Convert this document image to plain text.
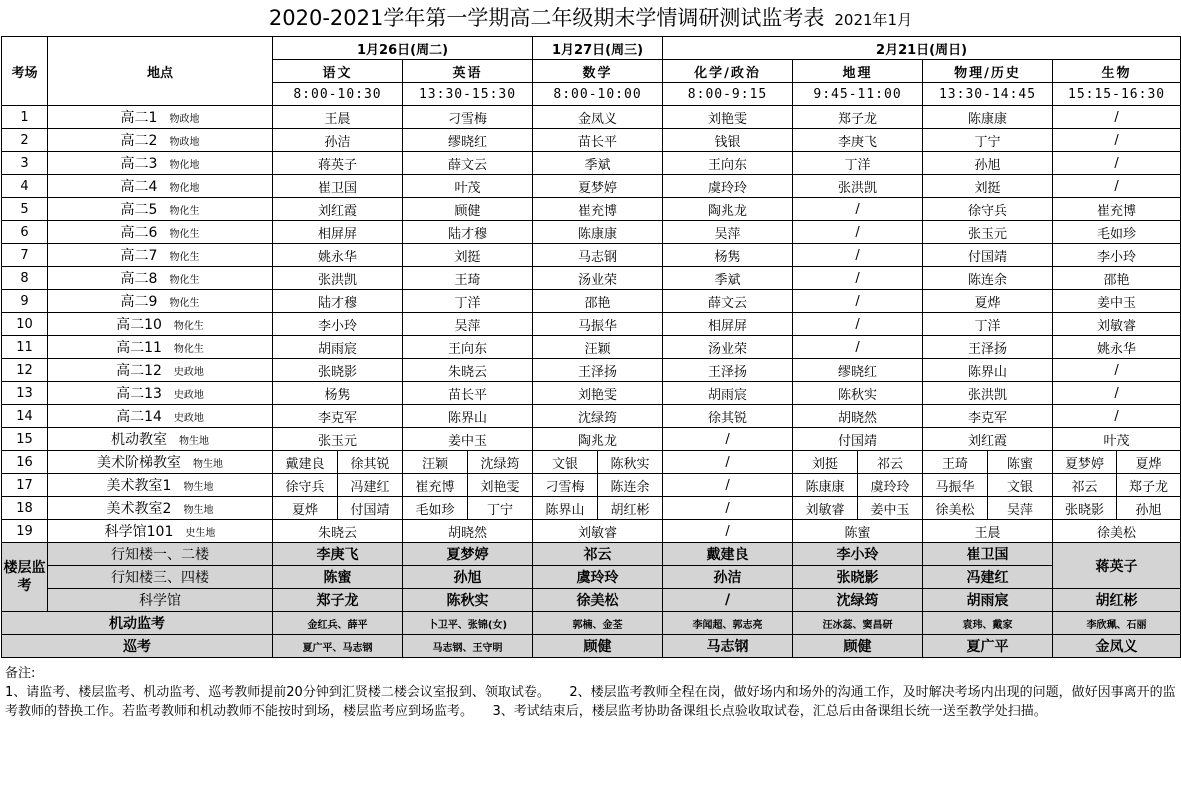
2020-2021学年第一学期高二年级期末学情调研测试监考表 2021年1月
考场	地点	1月26日(周二)				1月27日(周三)		2月21日(周日)						
		语文		英语		数学		化学/政治	地理		物理/历史		生物	
		8:00-10:30		13:30-15:30		8:00-10:00		8:00-9:15	9:45-11:00		13:30-14:45		15:15-16:30	
1	高二1 物政地	王晨		刁雪梅		金凤义		刘艳雯	郑子龙		陈康康		/	
2	高二2 物政地	孙洁		缪晓红		苗长平		钱银	李庚飞		丁宁		/	
3	高二3 物化地	蒋英子		薛文云		季斌		王向东	丁洋		孙旭		/	
4	高二4 物化地	崔卫国		叶茂		夏梦婷		虞玲玲	张洪凯		刘挺		/	
5	高二5 物化生	刘红霞		顾健		崔充博		陶兆龙	/		徐守兵		崔充博	
6	高二6 物化生	相屏屏		陆才穆		陈康康		吴萍	/		张玉元		毛如珍	
7	高二7 物化生	姚永华		刘挺		马志钢		杨隽	/		付国靖		李小玲	
8	高二8 物化生	张洪凯		王琦		汤业荣		季斌	/		陈连余		邵艳	
9	高二9 物化生	陆才穆		丁洋		邵艳		薛文云	/		夏烨		姜中玉	
10	高二10 物化生	李小玲		吴萍		马振华		相屏屏	/		丁洋		刘敏睿	
11	高二11 物化生	胡雨宸		王向东		汪颖		汤业荣	/		王泽扬		姚永华	
12	高二12 史政地	张晓影		朱晓云		王泽扬		王泽扬	缪晓红		陈界山		/	
13	高二13 史政地	杨隽		苗长平		刘艳雯		胡雨宸	陈秋实		张洪凯		/	
14	高二14 史政地	李克军		陈界山		沈绿筠		徐其锐	胡晓然		李克军		/	
15	机动教室 物生地	张玉元		姜中玉		陶兆龙		/	付国靖		刘红霞		叶茂	
16	美术阶梯教室 物生地	戴建良	徐其锐	汪颖	沈绿筠	文银	陈秋实	/	刘挺	祁云	王琦	陈蜜	夏梦婷	夏烨
17	美术教室1 物生地	徐守兵	冯建红	崔充博	刘艳雯	刁雪梅	陈连余	/	陈康康	虞玲玲	马振华	文银	祁云	郑子龙
18	美术教室2 物生地	夏烨	付国靖	毛如珍	丁宁	陈界山	胡红彬	/	刘敏睿	姜中玉	徐美松	吴萍	张晓影	孙旭
19	科学馆101 史生地	朱晓云		胡晓然		刘敏睿		/	陈蜜		王晨		徐美松	
楼层监考	行知楼一、二楼	李庚飞		夏梦婷		祁云		戴建良	李小玲		崔卫国		蒋英子	
	行知楼三、四楼	陈蜜		孙旭		虞玲玲		孙洁	张晓影		冯建红			
	科学馆	郑子龙		陈秋实		徐美松		/	沈绿筠		胡雨宸		胡红彬	
机动监考		金红兵、薛平		卜卫平、张锦(女)		郭楠、金荃		李闻超、郭志亮	汪冰蕊、窦昌研		袁玮、戴家		李欣珮、石丽	
巡考		夏广平、马志钢		马志钢、王守明		顾健		马志钢	顾健		夏广平		金凤义	
备注:
1、请监考、楼层监考、机动监考、巡考教师提前20分钟到汇贤楼二楼会议室报到、领取试卷。　　2、楼层监考教师全程在岗，做好场内和场外的沟通工作，及时解决考场内出现的问题，做好因事离开的监考教师的替换工作。若监考教师和机动教师不能按时到场，楼层监考应到场监考。　　3、考试结束后，楼层监考协助备课组长点验收取试卷，汇总后由备课组长统一送至教学处扫描。
